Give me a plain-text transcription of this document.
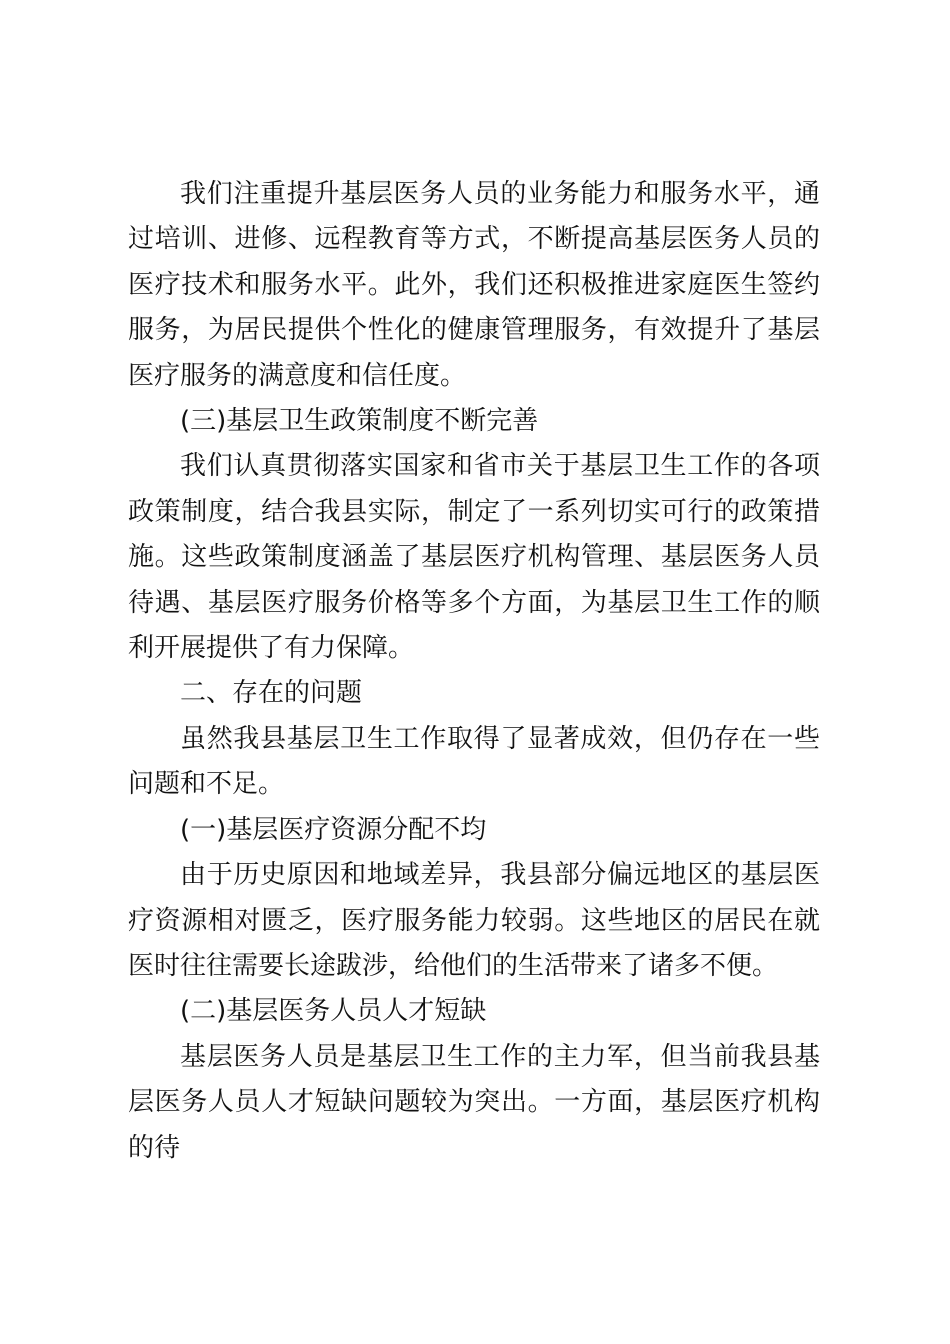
我们注重提升基层医务人员的业务能力和服务水平，通过培训、进修、远程教育等方式，不断提高基层医务人员的医疗技术和服务水平。此外，我们还积极推进家庭医生签约服务，为居民提供个性化的健康管理服务，有效提升了基层医疗服务的满意度和信任度。

(三)基层卫生政策制度不断完善

我们认真贯彻落实国家和省市关于基层卫生工作的各项政策制度，结合我县实际，制定了一系列切实可行的政策措施。这些政策制度涵盖了基层医疗机构管理、基层医务人员待遇、基层医疗服务价格等多个方面，为基层卫生工作的顺利开展提供了有力保障。

二、存在的问题

虽然我县基层卫生工作取得了显著成效，但仍存在一些问题和不足。

(一)基层医疗资源分配不均

由于历史原因和地域差异，我县部分偏远地区的基层医疗资源相对匮乏，医疗服务能力较弱。这些地区的居民在就医时往往需要长途跋涉，给他们的生活带来了诸多不便。

(二)基层医务人员人才短缺

基层医务人员是基层卫生工作的主力军，但当前我县基层医务人员人才短缺问题较为突出。一方面，基层医疗机构的待
